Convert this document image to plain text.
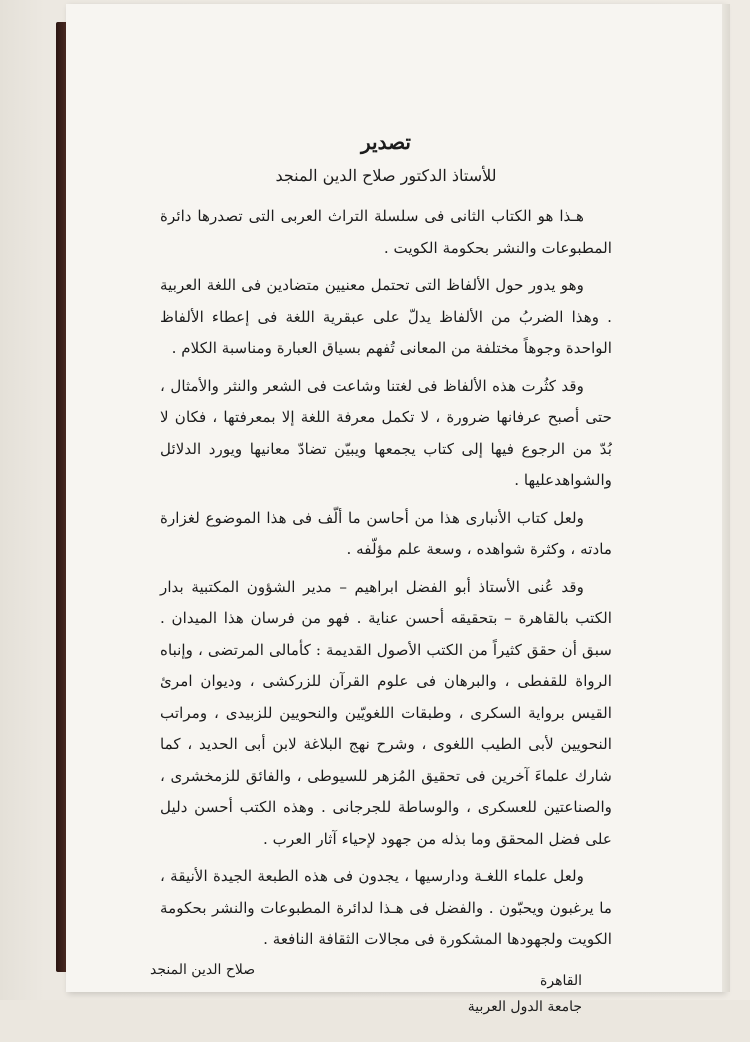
تصدير
للأستاذ الدكتور صلاح الدين المنجد

هـذا هو الكتاب الثانى فى سلسلة التراث العربى التى تصدرها دائرة المطبوعات والنشر بحكومة الكويت .

وهو يدور حول الألفاظ التى تحتمل معنيين متضادين فى اللغة العربية . وهذا الضربُ من الألفاظ يدلّ على عبقرية اللغة فى إعطاء الألفاظ الواحدة وجوهاً مختلفة من المعانى تُفهم بسياق العبارة ومناسبة الكلام .

وقد كثُرت هذه الألفاظ فى لغتنا وشاعت فى الشعر والنثر والأمثال ، حتى أصبح عرفانها ضرورة ، لا تكمل معرفة اللغة إلا بمعرفتها ، فكان لا بُدّ من الرجوع فيها إلى كتاب يجمعها ويبيّن تضادّ معانيها ويورد الدلائل والشواهدعليها .

ولعل كتاب الأنبارى هذا من أحاسن ما ألّف فى هذا الموضوع لغزارة مادته ، وكثرة شواهده ، وسعة علم مؤلّفه .

وقد عُنى الأستاذ أبو الفضل ابراهيم – مدير الشؤون المكتبية بدار الكتب بالقاهرة – بتحقيقه أحسن عناية . فهو من فرسان هذا الميدان . سبق أن حقق كثيراً من الكتب الأصول القديمة : كأمالى المرتضى ، وإنباه الرواة للقفطى ، والبرهان فى علوم القرآن للزركشى ، وديوان امرئ القيس برواية السكرى ، وطبقات اللغويّين والنحويين للزبيدى ، ومراتب النحويين لأبى الطيب اللغوى ، وشرح نهج البلاغة لابن أبى الحديد ، كما شارك علماءَ آخرين فى تحقيق المُزهر للسيوطى ، والفائق للزمخشرى ، والصناعتين للعسكرى ، والوساطة للجرجانى . وهذه الكتب أحسن دليل على فضل المحقق وما بذله من جهود لإحياء آثار العرب .

ولعل علماء اللغـة ودارسيها ، يجدون فى هذه الطبعة الجيدة الأنيقة ، ما يرغبون ويحبّون . والفضل فى هـذا لدائرة المطبوعات والنشر بحكومة الكويت ولجهودها المشكورة فى مجالات الثقافة النافعة .

صلاح الدين المنجد
القاهرة
جامعة الدول العربية
